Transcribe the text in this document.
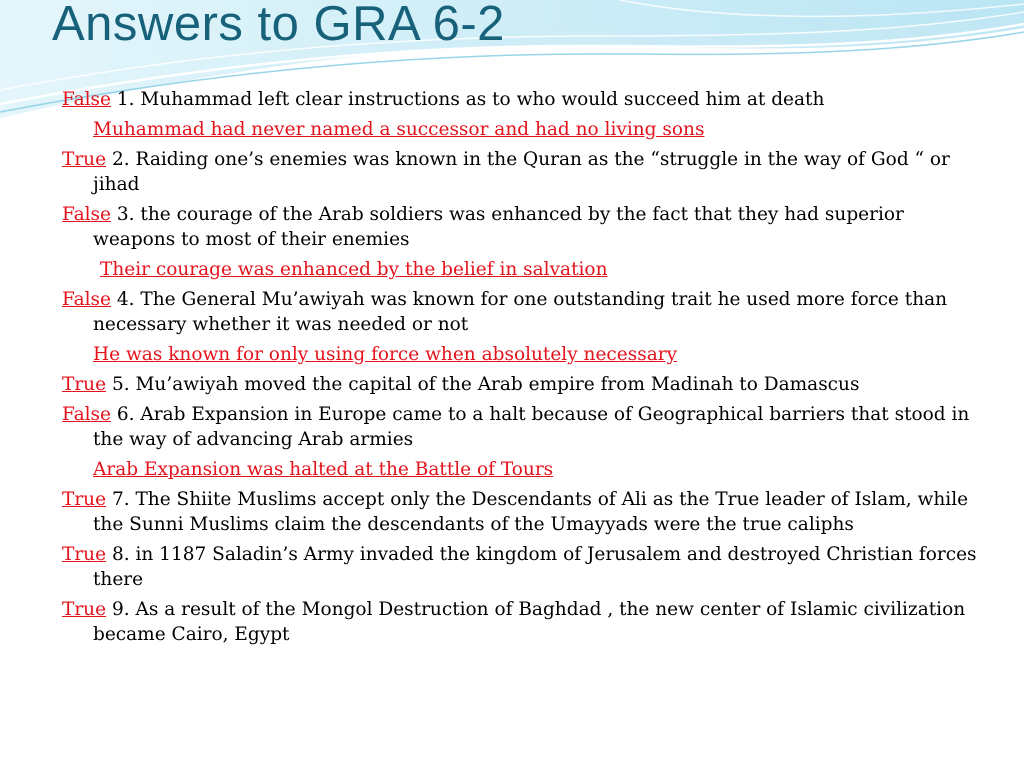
Answers to GRA 6-2

False 1. Muhammad left clear instructions as to who would succeed him at death

Muhammad had never named a successor and had no living sons

True 2. Raiding one’s enemies was known in the Quran as the “struggle in the way of God “ or jihad

False 3. the courage of the Arab soldiers was enhanced by the fact that they had superior weapons to most of their enemies

Their courage was enhanced by the belief in salvation

False 4. The General Mu’awiyah was known for one outstanding trait he used more force than necessary whether it was needed or not

He was known for only using force when absolutely necessary

True 5. Mu’awiyah moved the capital of the Arab empire from Madinah to Damascus

False 6. Arab Expansion in Europe came to a halt because of Geographical barriers that stood in the way of advancing Arab armies

Arab Expansion was halted at the Battle of Tours

True 7. The Shiite Muslims accept only the Descendants of Ali as the True leader of Islam, while the Sunni Muslims claim the descendants of the Umayyads were the true caliphs

True 8. in 1187 Saladin’s Army invaded the kingdom of Jerusalem and destroyed Christian forces there

True 9. As a result of the Mongol Destruction of Baghdad , the new center of Islamic civilization became Cairo, Egypt
